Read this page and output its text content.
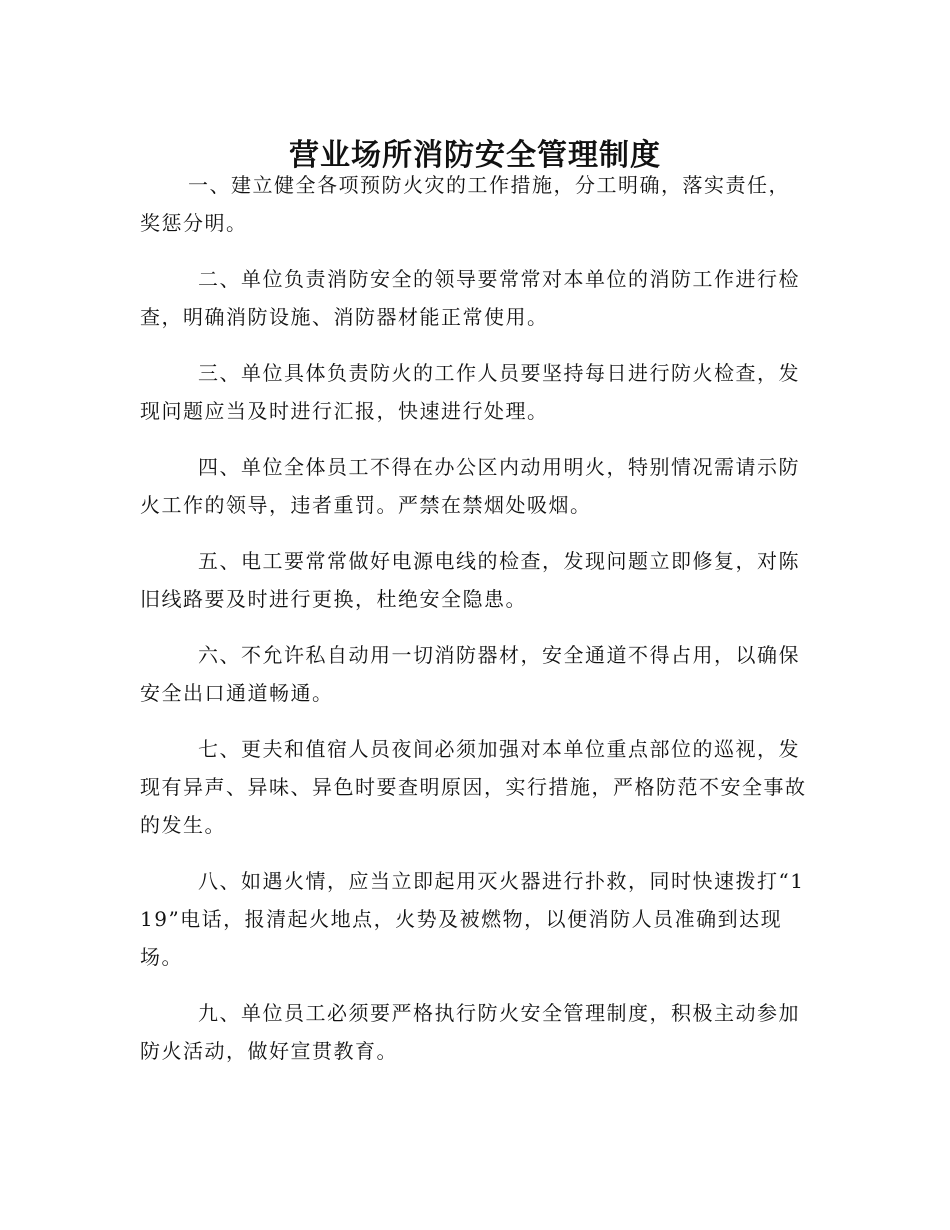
营业场所消防安全管理制度

一、建立健全各项预防火灾的工作措施，分工明确，落实责任，奖惩分明。

二、单位负责消防安全的领导要常常对本单位的消防工作进行检查，明确消防设施、消防器材能正常使用。

三、单位具体负责防火的工作人员要坚持每日进行防火检查，发现问题应当及时进行汇报，快速进行处理。

四、单位全体员工不得在办公区内动用明火，特别情况需请示防火工作的领导，违者重罚。严禁在禁烟处吸烟。

五、电工要常常做好电源电线的检查，发现问题立即修复，对陈旧线路要及时进行更换，杜绝安全隐患。

六、不允许私自动用一切消防器材，安全通道不得占用，以确保安全出口通道畅通。

七、更夫和值宿人员夜间必须加强对本单位重点部位的巡视，发现有异声、异味、异色时要查明原因，实行措施，严格防范不安全事故的发生。

八、如遇火情，应当立即起用灭火器进行扑救，同时快速拨打“119”电话，报清起火地点，火势及被燃物，以便消防人员准确到达现场。

九、单位员工必须要严格执行防火安全管理制度，积极主动参加防火活动，做好宣贯教育。
